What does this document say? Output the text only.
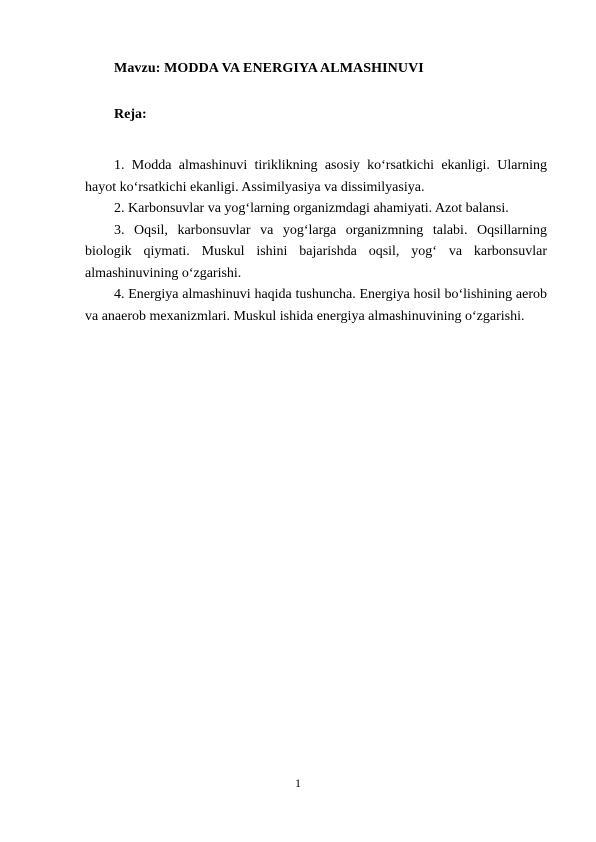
Mavzu: MODDA VA ENERGIYA ALMASHINUVI
Reja:
1. Modda almashinuvi tiriklikning asosiy ko‘rsatkichi ekanligi. Ularning hayot ko‘rsatkichi ekanligi. Assimilyasiya va dissimilyasiya.
2. Karbonsuvlar va yog‘larning organizmdagi ahamiyati. Azot balansi.
3. Oqsil, karbonsuvlar va yog‘larga organizmning talabi. Oqsillarning biologik qiymati. Muskul ishini bajarishda oqsil, yog‘ va karbonsuvlar almashinuvining o‘zgarishi.
4. Energiya almashinuvi haqida tushuncha. Energiya hosil bo‘lishining aerob va anaerob mexanizmlari. Muskul ishida energiya almashinuvining o‘zgarishi.
1
